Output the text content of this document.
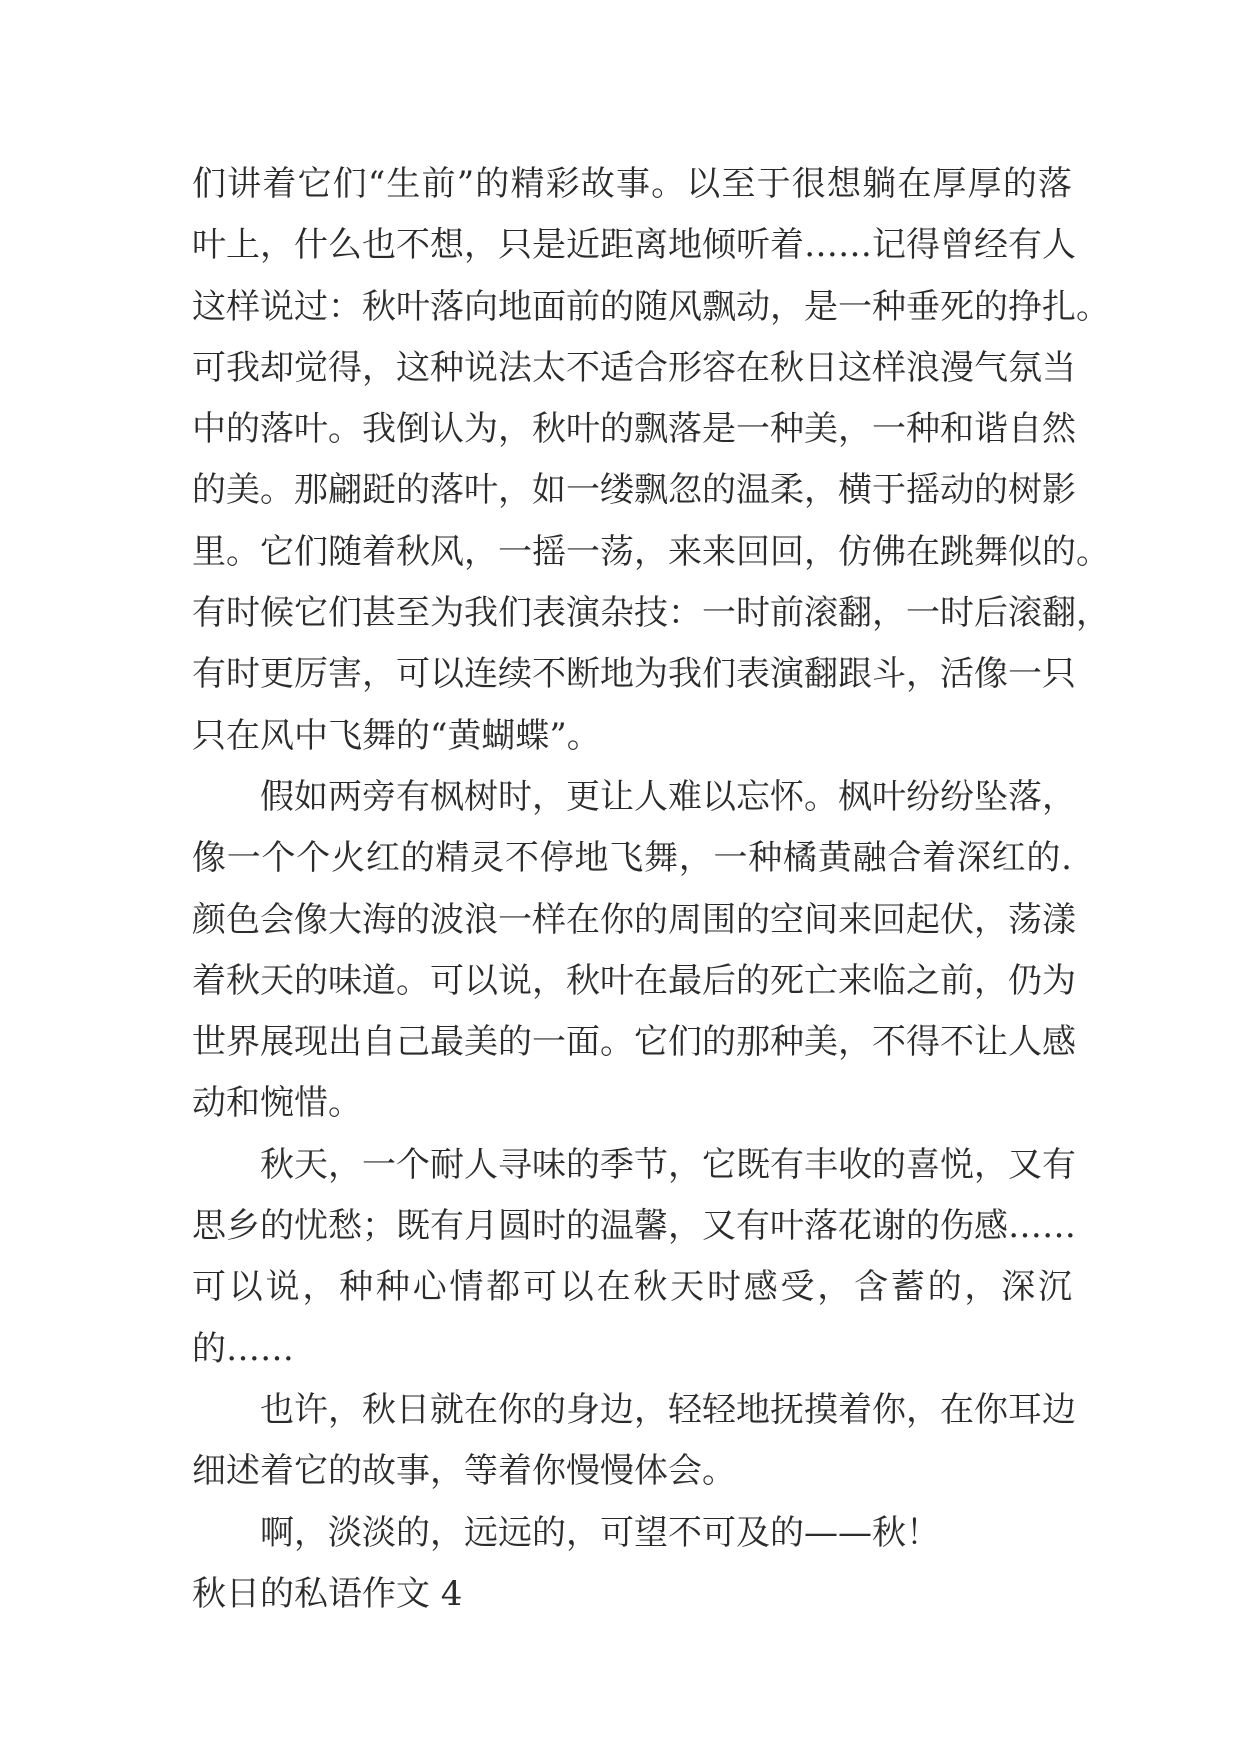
们讲着它们“生前”的精彩故事。以至于很想躺在厚厚的落
叶上，什么也不想，只是近距离地倾听着……记得曾经有人
这样说过：秋叶落向地面前的随风飘动，是一种垂死的挣扎。
可我却觉得，这种说法太不适合形容在秋日这样浪漫气氛当
中的落叶。我倒认为，秋叶的飘落是一种美，一种和谐自然
的美。那翩跹的落叶，如一缕飘忽的温柔，横于摇动的树影
里。它们随着秋风，一摇一荡，来来回回，仿佛在跳舞似的。
有时候它们甚至为我们表演杂技：一时前滚翻，一时后滚翻，
有时更厉害，可以连续不断地为我们表演翻跟斗，活像一只
只在风中飞舞的“黄蝴蝶”。
假如两旁有枫树时，更让人难以忘怀。枫叶纷纷坠落，
像一个个火红的精灵不停地飞舞，一种橘黄融合着深红的.
颜色会像大海的波浪一样在你的周围的空间来回起伏，荡漾
着秋天的味道。可以说，秋叶在最后的死亡来临之前，仍为
世界展现出自己最美的一面。它们的那种美，不得不让人感
动和惋惜。
秋天，一个耐人寻味的季节，它既有丰收的喜悦，又有
思乡的忧愁；既有月圆时的温馨，又有叶落花谢的伤感……
可以说，种种心情都可以在秋天时感受，含蓄的，深沉
的……
也许，秋日就在你的身边，轻轻地抚摸着你，在你耳边
细述着它的故事，等着你慢慢体会。
啊，淡淡的，远远的，可望不可及的——秋！
秋日的私语作文 4
